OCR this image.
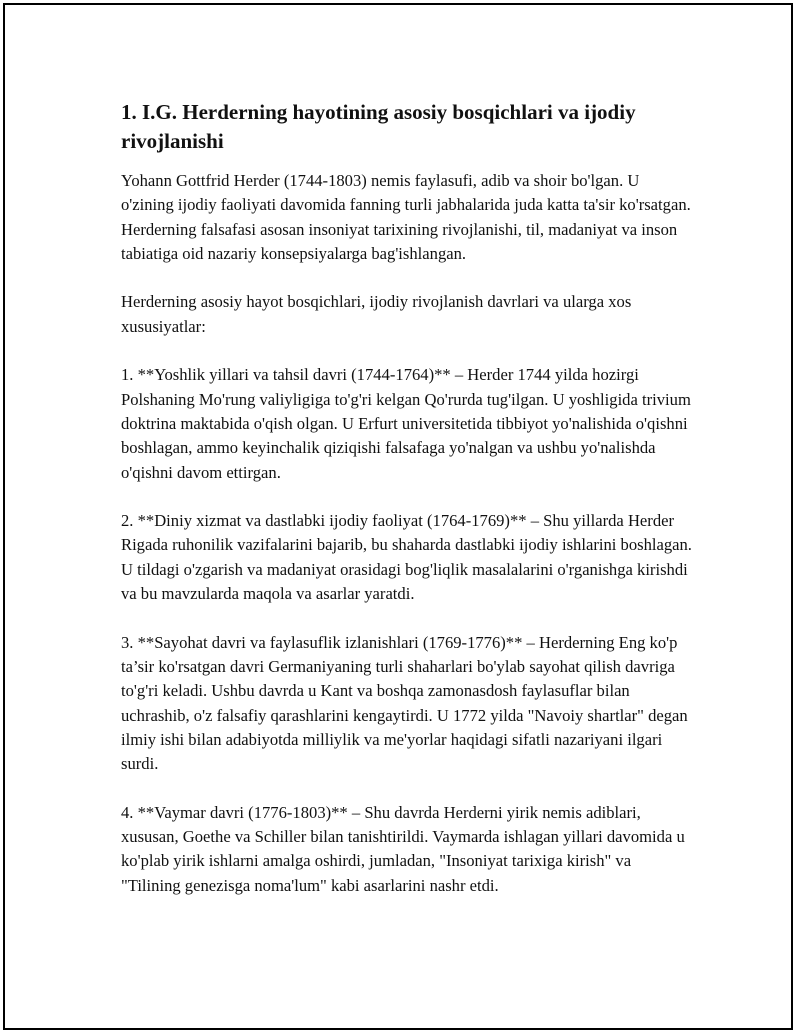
1. I.G. Herderning hayotining asosiy bosqichlari va ijodiy rivojlanishi

Yohann Gottfrid Herder (1744-1803) nemis faylasufi, adib va shoir bo'lgan. U o'zining ijodiy faoliyati davomida fanning turli jabhalarida juda katta ta'sir ko'rsatgan. Herderning falsafasi asosan insoniyat tarixining rivojlanishi, til, madaniyat va inson tabiatiga oid nazariy konsepsiyalarga bag'ishlangan.

Herderning asosiy hayot bosqichlari, ijodiy rivojlanish davrlari va ularga xos xususiyatlar:

1. **Yoshlik yillari va tahsil davri (1744-1764)** – Herder 1744 yilda hozirgi Polshaning Mo'rung valiyligiga to'g'ri kelgan Qo'rurda tug'ilgan. U yoshligida trivium doktrina maktabida o'qish olgan. U Erfurt universitetida tibbiyot yo'nalishida o'qishni boshlagan, ammo keyinchalik qiziqishi falsafaga yo'nalgan va ushbu yo'nalishda o'qishni davom ettirgan.

2. **Diniy xizmat va dastlabki ijodiy faoliyat (1764-1769)** – Shu yillarda Herder Rigada ruhonilik vazifalarini bajarib, bu shaharda dastlabki ijodiy ishlarini boshlagan. U tildagi o'zgarish va madaniyat orasidagi bog'liqlik masalalarini o'rganishga kirishdi va bu mavzularda maqola va asarlar yaratdi.

3. **Sayohat davri va faylasuflik izlanishlari (1769-1776)** – Herderning Eng ko'p ta’sir ko'rsatgan davri Germaniyaning turli shaharlari bo'ylab sayohat qilish davriga to'g'ri keladi. Ushbu davrda u Kant va boshqa zamonasdosh faylasuflar bilan uchrashib, o'z falsafiy qarashlarini kengaytirdi. U 1772 yilda "Navoiy shartlar" degan ilmiy ishi bilan adabiyotda milliylik va me'yorlar haqidagi sifatli nazariyani ilgari surdi.

4. **Vaymar davri (1776-1803)** – Shu davrda Herderni yirik nemis adiblari, xususan, Goethe va Schiller bilan tanishtirildi. Vaymarda ishlagan yillari davomida u ko'plab yirik ishlarni amalga oshirdi, jumladan, "Insoniyat tarixiga kirish" va "Tilining genezisga noma'lum" kabi asarlarini nashr etdi.
